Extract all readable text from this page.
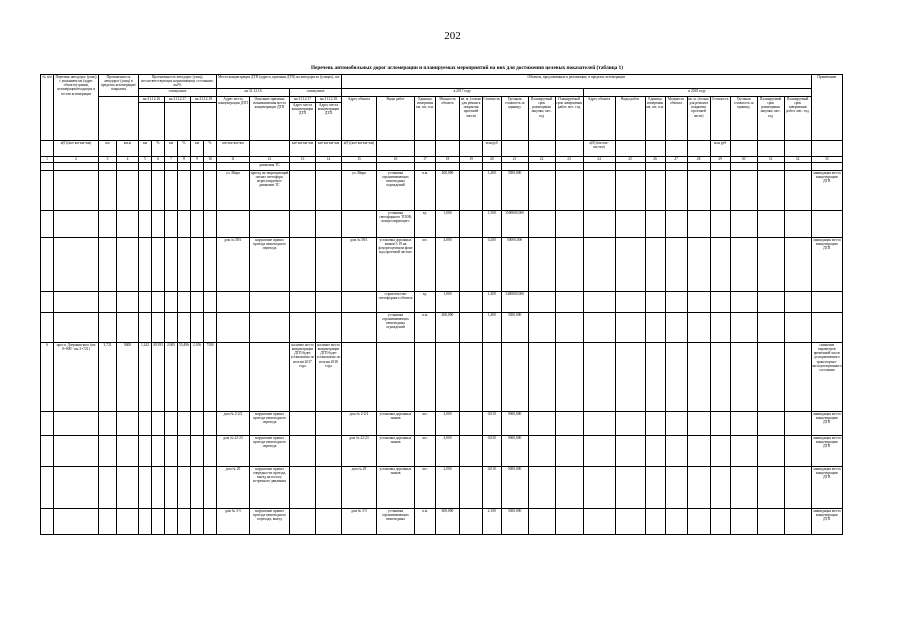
202
Перечень автомобильных дорог агломерации и планируемых мероприятий на них для достижения целевых показателей (таблица 1)
№ п/п	Перечень автодорог (улиц) с указанием км (адрес объекта) границ агломерации/входящих в состав агломерации	Протяженность автодорог (улиц) в пределах агломерации/покрытия		Протяженность автодорог (улиц), несоответствующих нормативному состоянию, км/%						Места концентрации ДТП (адреса, причины ДТП) на автодорогах (улицах), шт.				Объекты, предложенные к реализации, в пределах агломерации																		Примечание
				совокупное						на 31.12.16		совокупное		в 2017 году									в 2018 году									
				на 31.12.16		на 31.12.17		на 31.12.18		Адрес места концентрации ДТП	Описание причины возникновения места концентрации ДТП	на 31.12.17	на 31.12.18	Адрес объекта	Виды работ	Единица измерения км, шт, п.м.	Мощность объекта	кв. м. (только для ремонта покрытия проезжей части)	Стоимость	Удельная стоимость за единицу	Планируемый срок размещения закупки, мес. год	Планируемый срок завершения работ, мес. год	Адрес объекта	Виды работ	Единица измерения км, шт, п.м.	Мощность объекта	кв. м. (только для ремонта покрытия проезжей части)	Стоимость	Удельная стоимость за единицу	Планируемый срок размещения закупки, мес. год	Планируемый срок завершения работ, мес. год	
												Адрес места концентрации ДТП	Адрес места концентрации ДТП																			
	а(б) (км+км-км+км)	км	км,м	км	%	км	%	км	%	км+км-км+км		км+км-км+км	км+км-км+км	а(б) (км+км-км+км)					млн руб				а(б) (км+км-км+км)					млн руб				
1	2	3	4	5	6	7	8	9	10	11	12	13	14	15	16	17	18	19	20	21	22	23	24	25	26	27	28	29	30	31	32	33
											движения ТС																					
										ул. Мира	проезд на запрещающий сигнал светофора, нерегулируемое движение ТС			ул. Мира	установка ограничивающих пешеходных ограждений	п.м.	400,000		1,400	3500,000												ликвидация места концентрации ДТП
															установка светофорного ТООВ, контролирующего	ед.	1,000		1,500	1500000,000												
										дом № 58/1	нарушение правил проезда пешеходного перехода			дом № 58/1	установка дорожных знаков 5.19 на флуоресцентном фоне над проезжей частью	шт.	4,000		0,200	50000,000												ликвидация места концентрации ДТП
															строительство светофорного объекта	ед.	1,000		1,400	1400000,000												
															установка ограничивающих пешеходных ограждений	п.м.	400,000		1,400	3500,000												
6	просп. Дзержинского (км 0+000 - км 3+721)	3,721	9400	1,242	49,393	2,065	55,496	2,106	7500			наличие места концентрации ДТП будет установлено по итогам 2017 года	наличие места концентрации ДТП будет установлено по итогам 2018 года																			снижение параметров временной части до нормативного транспортно-эксплуатационного состояния
										дом № 2-2/2	нарушение правил проезда пешеходного перехода			дом № 2-2/2	установка дорожных знаков	шт.	2,000		0,010	5000,000												ликвидация места концентрации ДТП
										дом № 22-23	нарушение правил проезда пешеходного перехода			дом № 22-23	установка дорожных знаков	шт.	4,000		0,020	5000,000												ликвидация места концентрации ДТП
										дом № 29	нарушение правил очередности проезда, выезд на полосу встречного движения			дом № 29	установка дорожных знаков	шт.	2,000		0,010	5000,000												ликвидация места концентрации ДТП
										дом № 3-5	нарушение правил проезда пешеходного перехода, выезд			дом № 3-5	установка ограничивающих пешеходных	п.м.	600,000		2,100	3500,000												ликвидация места концентрации ДТП
